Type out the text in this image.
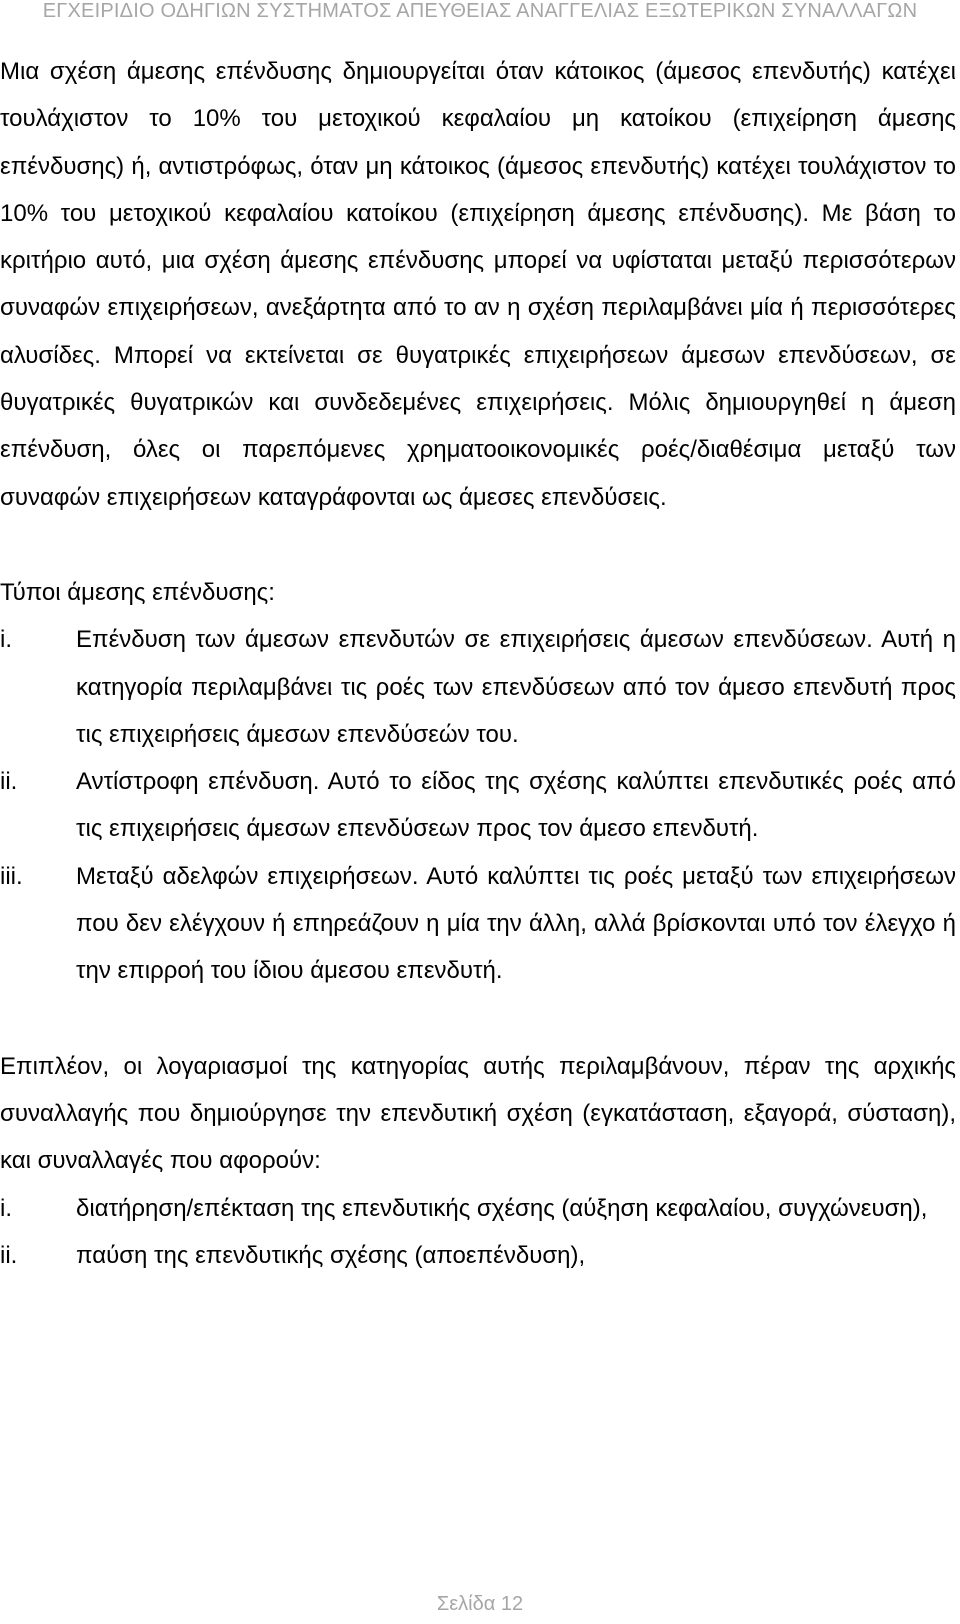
ΕΓΧΕΙΡΙΔΙΟ ΟΔΗΓΙΩΝ ΣΥΣΤΗΜΑΤΟΣ ΑΠΕΥΘΕΙΑΣ ΑΝΑΓΓΕΛΙΑΣ ΕΞΩΤΕΡΙΚΩΝ ΣΥΝΑΛΛΑΓΩΝ

Μια σχέση άμεσης επένδυσης δημιουργείται όταν κάτοικος (άμεσος επενδυτής) κατέχει τουλάχιστον το 10% του μετοχικού κεφαλαίου μη κατοίκου (επιχείρηση άμεσης επένδυσης) ή, αντιστρόφως, όταν μη κάτοικος (άμεσος επενδυτής) κατέχει τουλάχιστον το 10% του μετοχικού κεφαλαίου κατοίκου (επιχείρηση άμεσης επένδυσης). Με βάση το κριτήριο αυτό, μια σχέση άμεσης επένδυσης μπορεί να υφίσταται μεταξύ περισσότερων συναφών επιχειρήσεων, ανεξάρτητα από το αν η σχέση περιλαμβάνει μία ή περισσότερες αλυσίδες. Μπορεί να εκτείνεται σε θυγατρικές επιχειρήσεων άμεσων επενδύσεων, σε θυγατρικές θυγατρικών και συνδεδεμένες επιχειρήσεις. Μόλις δημιουργηθεί η άμεση επένδυση, όλες οι παρεπόμενες χρηματοοικονομικές ροές/διαθέσιμα μεταξύ των συναφών επιχειρήσεων καταγράφονται ως άμεσες επενδύσεις.

Τύποι άμεσης επένδυσης:

i.	Επένδυση των άμεσων επενδυτών σε επιχειρήσεις άμεσων επενδύσεων. Αυτή η κατηγορία περιλαμβάνει τις ροές των επενδύσεων από τον άμεσο επενδυτή προς τις επιχειρήσεις άμεσων επενδύσεών του.
ii.	Αντίστροφη επένδυση. Αυτό το είδος της σχέσης καλύπτει επενδυτικές ροές από τις επιχειρήσεις άμεσων επενδύσεων προς τον άμεσο επενδυτή.
iii.	Μεταξύ αδελφών επιχειρήσεων. Αυτό καλύπτει τις ροές μεταξύ των επιχειρήσεων που δεν ελέγχουν ή επηρεάζουν η μία την άλλη, αλλά βρίσκονται υπό τον έλεγχο ή την επιρροή του ίδιου άμεσου επενδυτή.

Επιπλέον, οι λογαριασμοί της κατηγορίας αυτής περιλαμβάνουν, πέραν της αρχικής συναλλαγής που δημιούργησε την επενδυτική σχέση (εγκατάσταση, εξαγορά, σύσταση), και συναλλαγές που αφορούν:

i.	διατήρηση/επέκταση της επενδυτικής σχέσης (αύξηση κεφαλαίου, συγχώνευση),
ii.	παύση της επενδυτικής σχέσης (αποεπένδυση),
Σελίδα 12
